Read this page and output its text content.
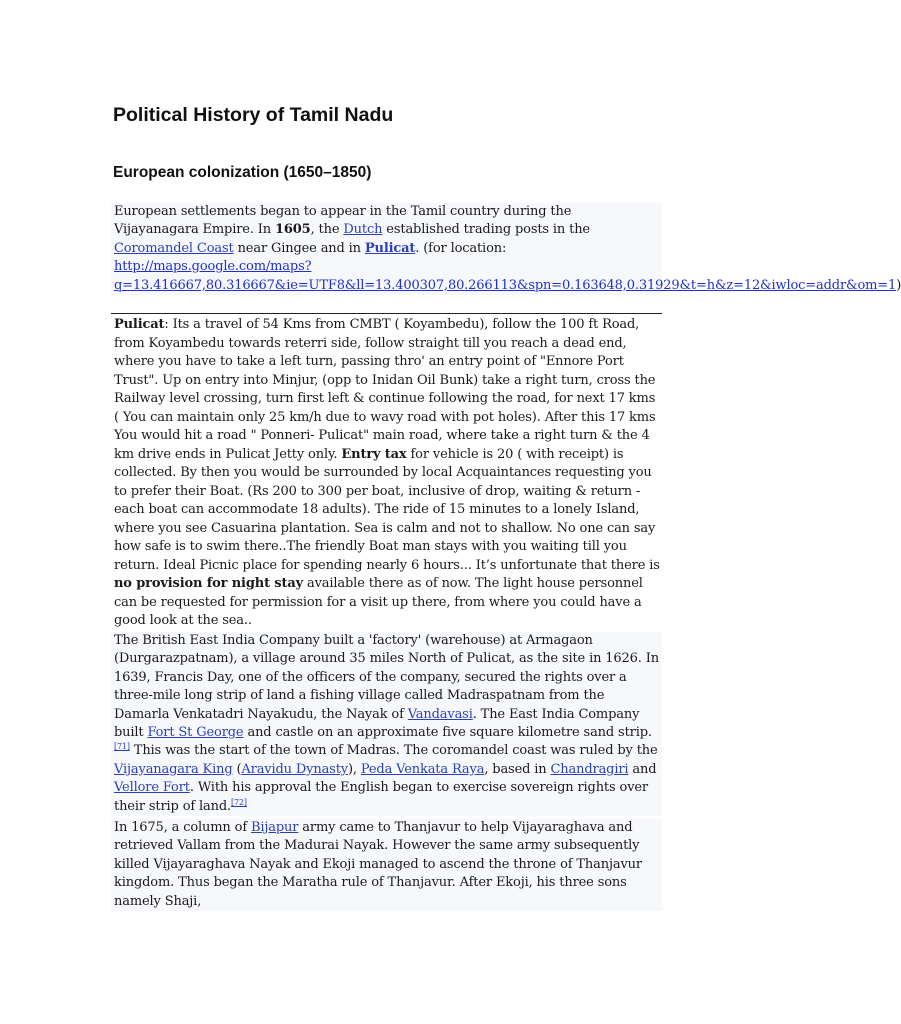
Political History of Tamil Nadu
European colonization (1650–1850)
European settlements began to appear in the Tamil country during the Vijayanagara Empire. In 1605, the Dutch established trading posts in the Coromandel Coast near Gingee and in Pulicat. (for location: http://maps.google.com/maps?q=13.416667,80.316667&ie=UTF8&ll=13.400307,80.266113&spn=0.163648,0.31929&t=h&z=12&iwloc=addr&om=1)
Pulicat: Its a travel of 54 Kms from CMBT ( Koyambedu), follow the 100 ft Road, from Koyambedu towards reterri side, follow straight till you reach a dead end, where you have to take a left turn, passing thro' an entry point of "Ennore Port Trust". Up on entry into Minjur, (opp to Inidan Oil Bunk) take a right turn, cross the Railway level crossing, turn first left & continue following the road, for next 17 kms ( You can maintain only 25 km/h due to wavy road with pot holes). After this 17 kms You would hit a road " Ponneri- Pulicat" main road, where take a right turn & the 4 km drive ends in Pulicat Jetty only. Entry tax for vehicle is 20 ( with receipt) is collected. By then you would be surrounded by local Acquaintances requesting you to prefer their Boat. (Rs 200 to 300 per boat, inclusive of drop, waiting & return - each boat can accommodate 18 adults). The ride of 15 minutes to a lonely Island, where you see Casuarina plantation. Sea is calm and not to shallow. No one can say how safe is to swim there..The friendly Boat man stays with you waiting till you return. Ideal Picnic place for spending nearly 6 hours... It’s unfortunate that there is no provision for night stay available there as of now. The light house personnel can be requested for permission for a visit up there, from where you could have a good look at the sea..
The British East India Company built a 'factory' (warehouse) at Armagaon (Durgarazpatnam), a village around 35 miles North of Pulicat, as the site in 1626. In 1639, Francis Day, one of the officers of the company, secured the rights over a three-mile long strip of land a fishing village called Madraspatnam from the Damarla Venkatadri Nayakudu, the Nayak of Vandavasi. The East India Company built Fort St George and castle on an approximate five square kilometre sand strip.[71] This was the start of the town of Madras. The coromandel coast was ruled by the Vijayanagara King (Aravidu Dynasty), Peda Venkata Raya, based in Chandragiri and Vellore Fort. With his approval the English began to exercise sovereign rights over their strip of land.[72]
In 1675, a column of Bijapur army came to Thanjavur to help Vijayaraghava and retrieved Vallam from the Madurai Nayak. However the same army subsequently killed Vijayaraghava Nayak and Ekoji managed to ascend the throne of Thanjavur kingdom. Thus began the Maratha rule of Thanjavur. After Ekoji, his three sons namely Shaji,
